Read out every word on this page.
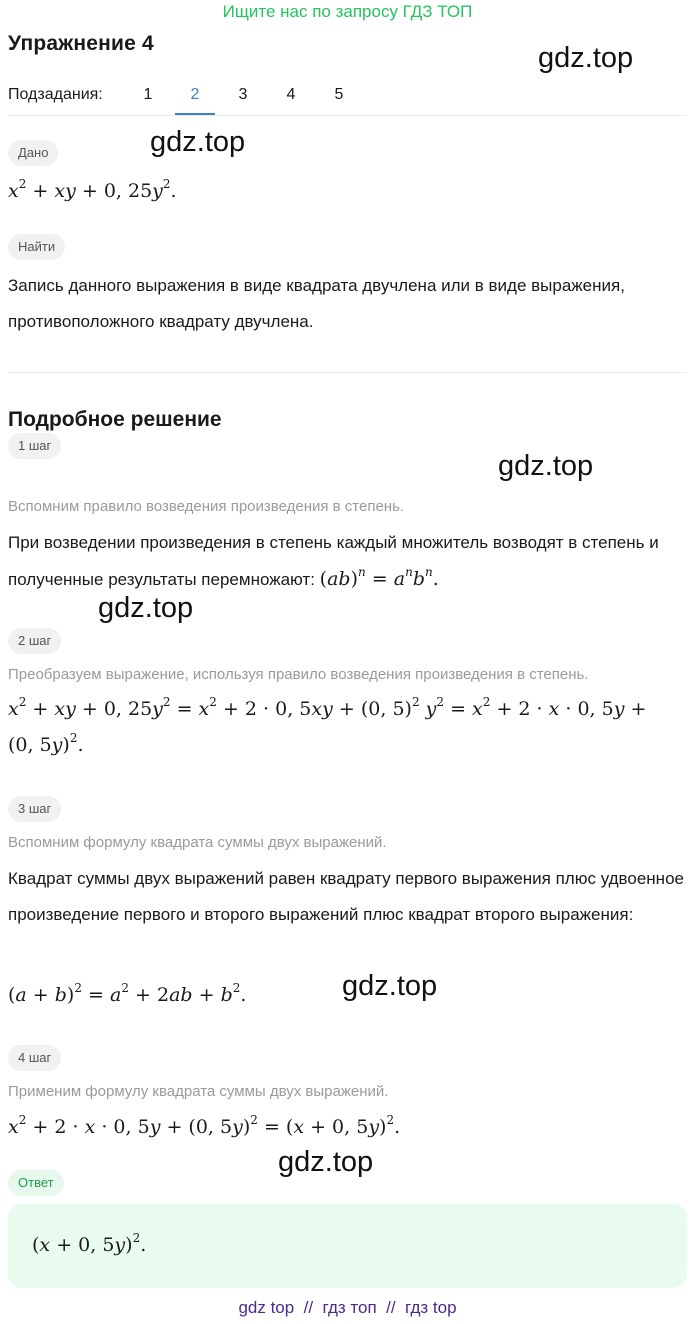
Ищите нас по запросу ГДЗ ТОП
Упражнение 4	gdz.top
Подзадания:	1	2	3	4	5
Дано	gdz.top
$x^2$ + xy + 0, $25y^2$.
Найти
Запись данного выражения в виде квадрата двучлена или в виде выражения, противоположного квадрату двучлена.
Подробное решение
1 шаг
gdz.top
Вспомним правило возведения произведения в степень.
При возведении произведения в степень каждый множитель возводят в степень и полученные результаты перемножают: $(ab)^n = a^nb^n$.
gdz.top
2 шаг
Преобразуем выражение, используя правило возведения произведения в степень.
$x^2$ + xy + 0, $25y^2 = x^2 + 2 \cdot 0$, 5xy + (0, 5)$^2$ $y^2 = x^2 + 2 \cdot x \cdot 0$, 5y +
(0, 5y)$^2$.
3 шаг
Вспомним формулу квадрата суммы двух выражений.
Квадрат суммы двух выражений равен квадрату первого выражения плюс удвоенное произведение первого и второго выражений плюс квадрат второго выражения:
$(a + b)^2 = a^2 + 2ab + b^2$.	gdz.top
4 шаг
Применим формулу квадрата суммы двух выражений.
$x^2 + 2 \cdot x \cdot 0$, 5y + (0, 5y)$^2$ = (x + 0, 5y)$^2$.
gdz.top
Ответ
(x + 0, 5y)$^2$.
gdz top  //  гдз топ  //  гдз top
